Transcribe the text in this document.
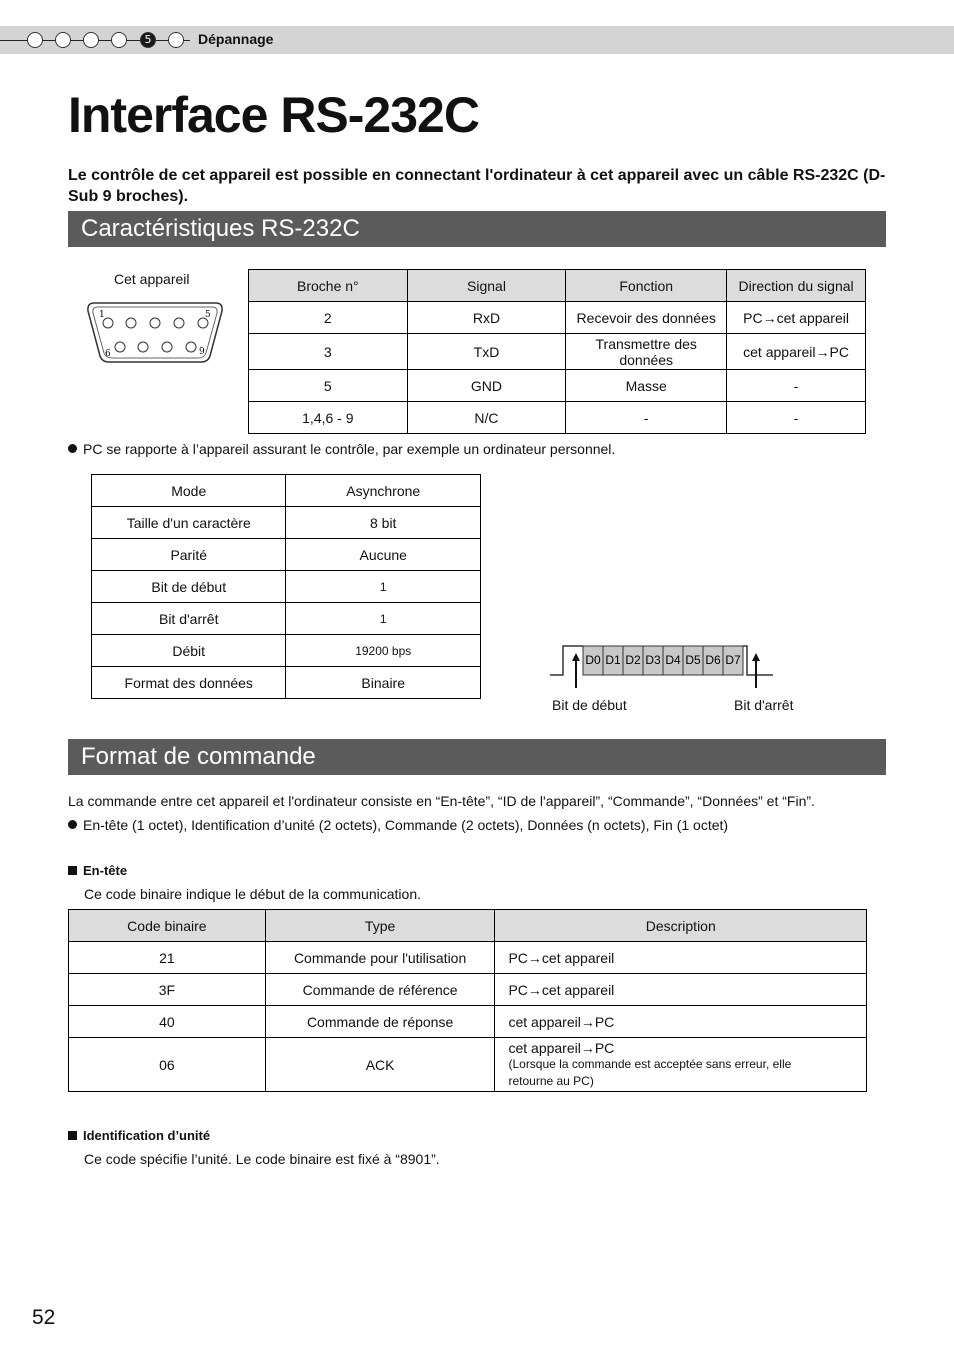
5	Dépannage
Interface RS-232C
Le contrôle de cet appareil est possible en connectant l'ordinateur à cet appareil avec un câble RS-232C (D-Sub 9 broches).
Caractéristiques RS-232C
Cet appareil
1	5
6	9
Broche n°	Signal	Fonction	Direction du signal
2	RxD	Recevoir des données	PC→cet appareil
3	TxD	Transmettre des données	cet appareil→PC
5	GND	Masse	-
1,4,6 - 9	N/C	-	-
PC se rapporte à l’appareil assurant le contrôle, par exemple un ordinateur personnel.
Mode	Asynchrone
Taille d'un caractère	8 bit
Parité	Aucune
Bit de début	1
Bit d'arrêt	1
Débit	19200 bps
Format des données	Binaire
D0 D1 D2 D3 D4 D5 D6 D7
Bit de début	Bit d'arrêt
Format de commande
La commande entre cet appareil et l'ordinateur consiste en “En-tête”, “ID de l'appareil”, “Commande”, “Données” et “Fin”.
En-tête (1 octet), Identification d’unité (2 octets), Commande (2 octets), Données (n octets), Fin (1 octet)
En-tête
Ce code binaire indique le début de la communication.
Code binaire	Type	Description
21	Commande pour l'utilisation	PC→cet appareil
3F	Commande de référence	PC→cet appareil
40	Commande de réponse	cet appareil→PC
06	ACK	cet appareil→PC
(Lorsque la commande est acceptée sans erreur, elle retourne au PC)
Identification d’unité
Ce code spécifie l’unité. Le code binaire est fixé à “8901”.
52
